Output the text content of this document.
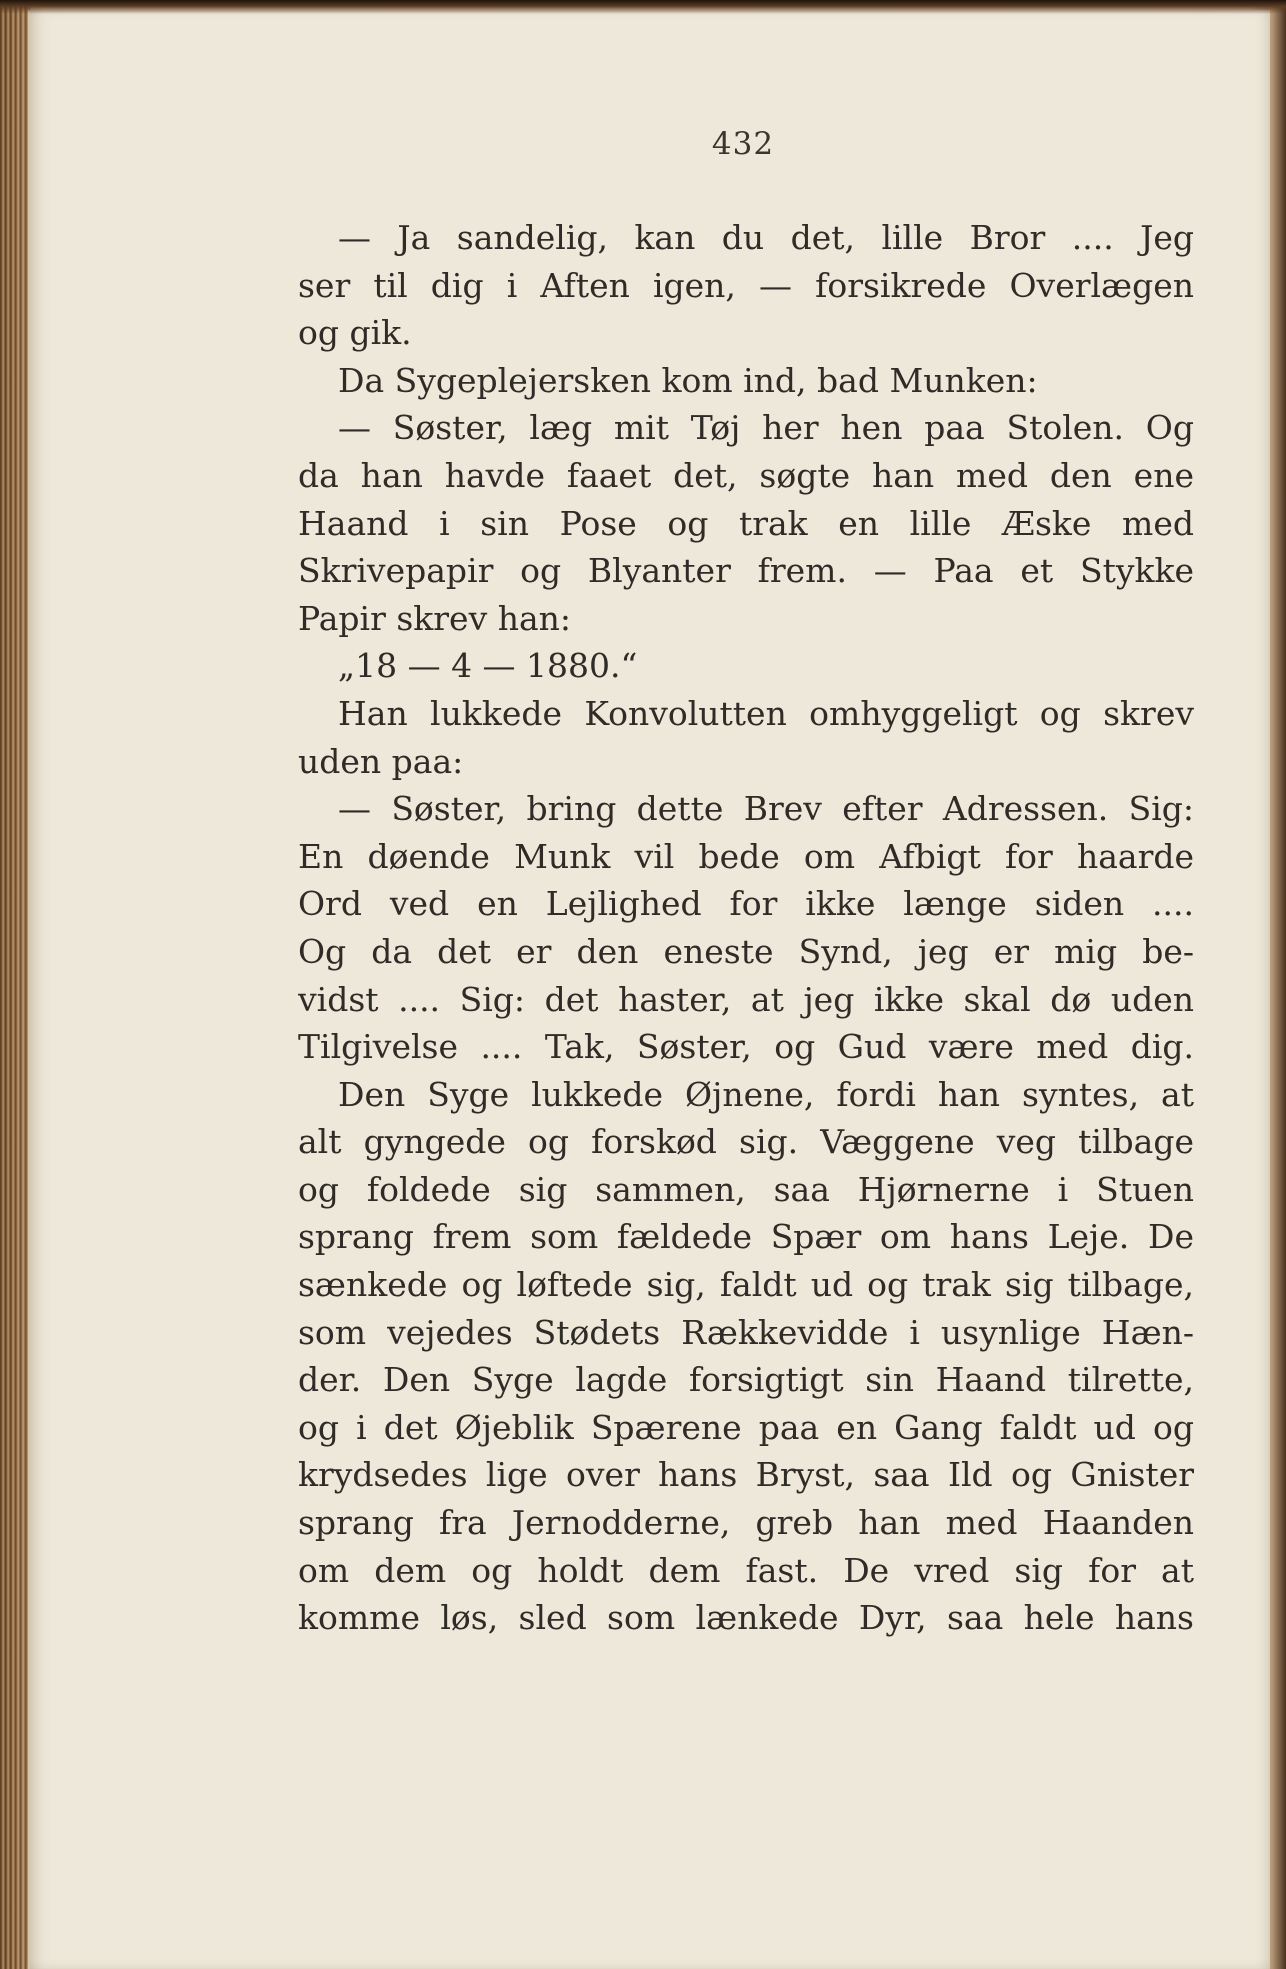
432
— Ja sandelig, kan du det, lille Bror .... Jeg
ser til dig i Aften igen, — forsikrede Overlægen
og gik.
Da Sygeplejersken kom ind, bad Munken:
— Søster, læg mit Tøj her hen paa Stolen. Og
da han havde faaet det, søgte han med den ene
Haand i sin Pose og trak en lille Æske med
Skrivepapir og Blyanter frem. — Paa et Stykke
Papir skrev han:
„18 — 4 — 1880.“
Han lukkede Konvolutten omhyggeligt og skrev
uden paa:
— Søster, bring dette Brev efter Adressen. Sig:
En døende Munk vil bede om Afbigt for haarde
Ord ved en Lejlighed for ikke længe siden ....
Og da det er den eneste Synd, jeg er mig be-
vidst .... Sig: det haster, at jeg ikke skal dø uden
Tilgivelse .... Tak, Søster, og Gud være med dig.
Den Syge lukkede Øjnene, fordi han syntes, at
alt gyngede og forskød sig. Væggene veg tilbage
og foldede sig sammen, saa Hjørnerne i Stuen
sprang frem som fældede Spær om hans Leje. De
sænkede og løftede sig, faldt ud og trak sig tilbage,
som vejedes Stødets Rækkevidde i usynlige Hæn-
der. Den Syge lagde forsigtigt sin Haand tilrette,
og i det Øjeblik Spærene paa en Gang faldt ud og
krydsedes lige over hans Bryst, saa Ild og Gnister
sprang fra Jernodderne, greb han med Haanden
om dem og holdt dem fast. De vred sig for at
komme løs, sled som lænkede Dyr, saa hele hans
